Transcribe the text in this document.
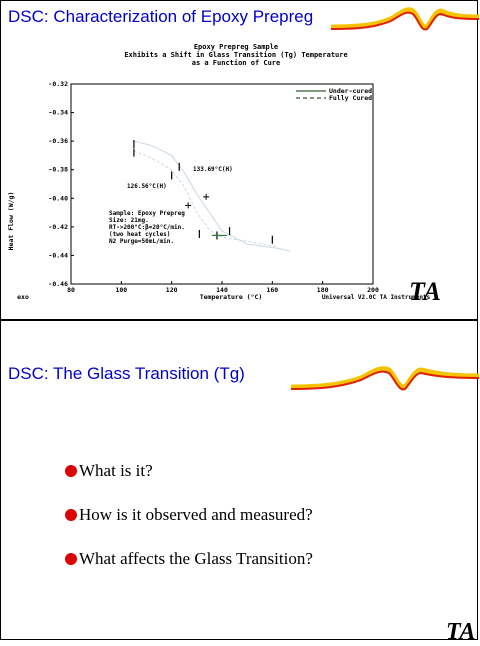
DSC: Characterization of Epoxy Prepreg
Epoxy Prepreg Sample
Exhibits a Shift in Glass Transition (Tg) Temperature
as a Function of Cure
Under-cured
Fully Cured
Heat Flow (W/g)
Temperature (°C)
exo	Universal V2.0C TA Instruments
-0.32
-0.34
-0.36
-0.38
-0.40
-0.42
-0.44
-0.46
80	100	120	140	160	180	200
Sample: Epoxy Prepreg
Size: 21mg.
RT->200°C:β=20°C/min.
(two heat cycles)
N2 Purge=50mL/min.
133.69°C(H)
126.56°C(H)
TA
DSC: The Glass Transition (Tg)
What is it?
How is it observed and measured?
What affects the Glass Transition?
TA
